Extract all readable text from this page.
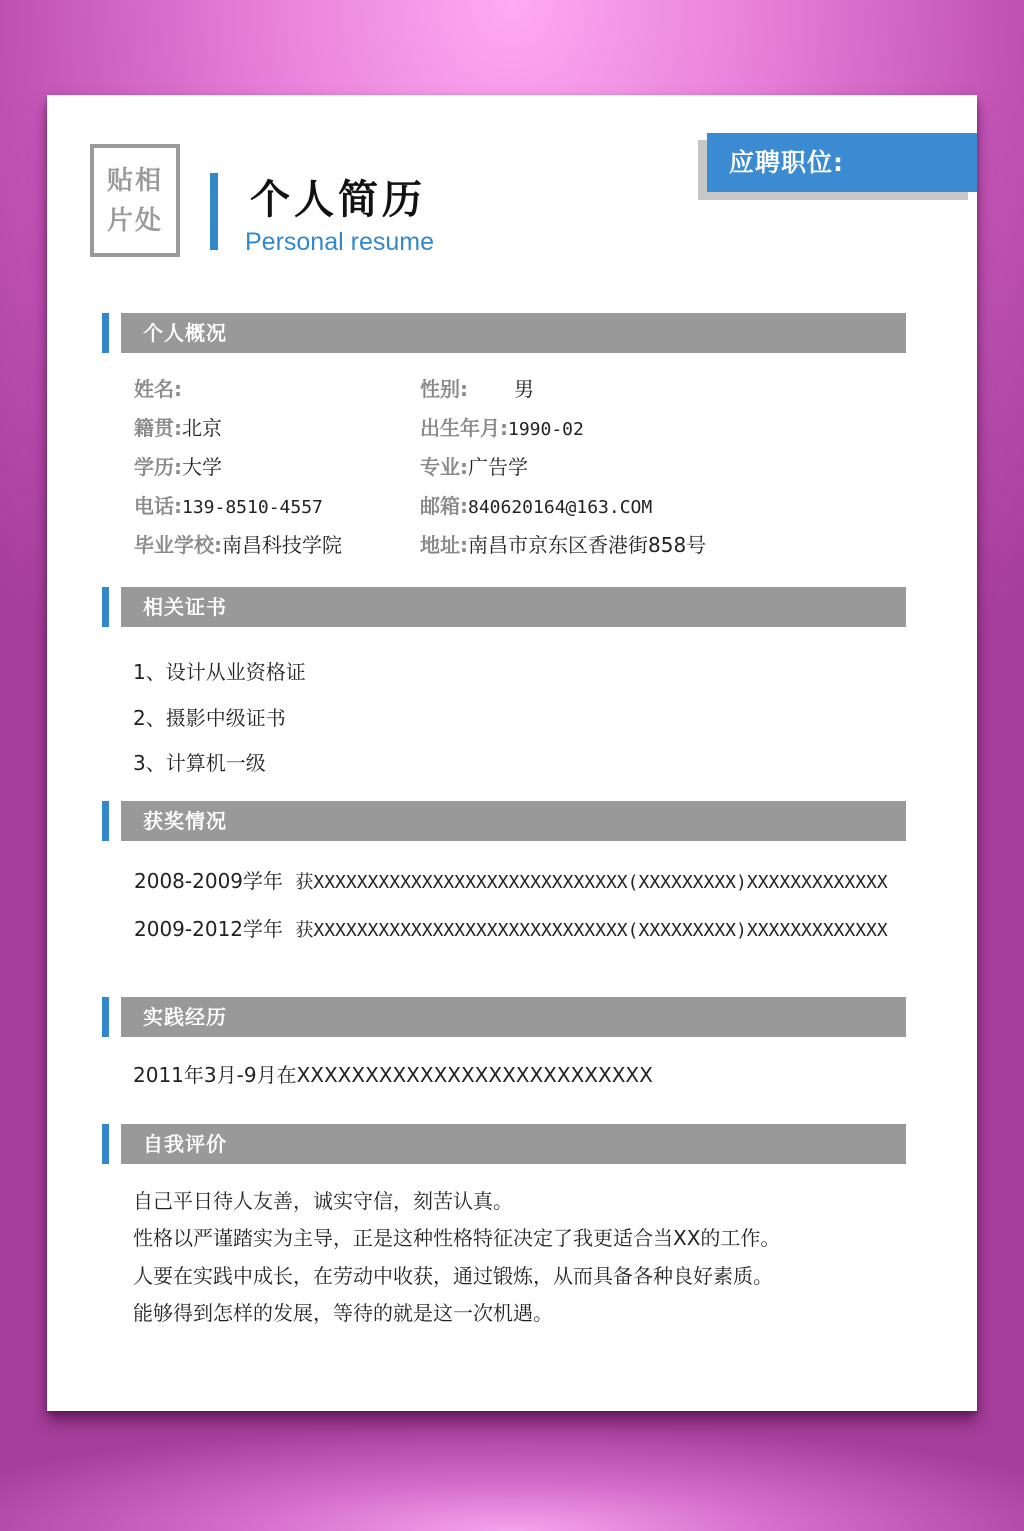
贴相
片处 个人简历
Personal resume
应聘职位:
个人概况
姓名:	性别: 男
籍贯:北京	出生年月:1990-02
学历:大学	专业:广告学
电话:139-8510-4557	邮箱:840620164@163.COM
毕业学校:南昌科技学院	地址:南昌市京东区香港街858号
相关证书
1、设计从业资格证
2、摄影中级证书
3、计算机一级
获奖情况
2008-2009学年 获XXXXXXXXXXXXXXXXXXXXXXXXXXXXX(XXXXXXXXX)XXXXXXXXXXXXX
2009-2012学年 获XXXXXXXXXXXXXXXXXXXXXXXXXXXXX(XXXXXXXXX)XXXXXXXXXXXXX
实践经历
2011年3月-9月在XXXXXXXXXXXXXXXXXXXXXXXXXX
自我评价
自己平日待人友善，诚实守信，刻苦认真。
性格以严谨踏实为主导，正是这种性格特征决定了我更适合当XX的工作。
人要在实践中成长，在劳动中收获，通过锻炼，从而具备各种良好素质。
能够得到怎样的发展，等待的就是这一次机遇。
